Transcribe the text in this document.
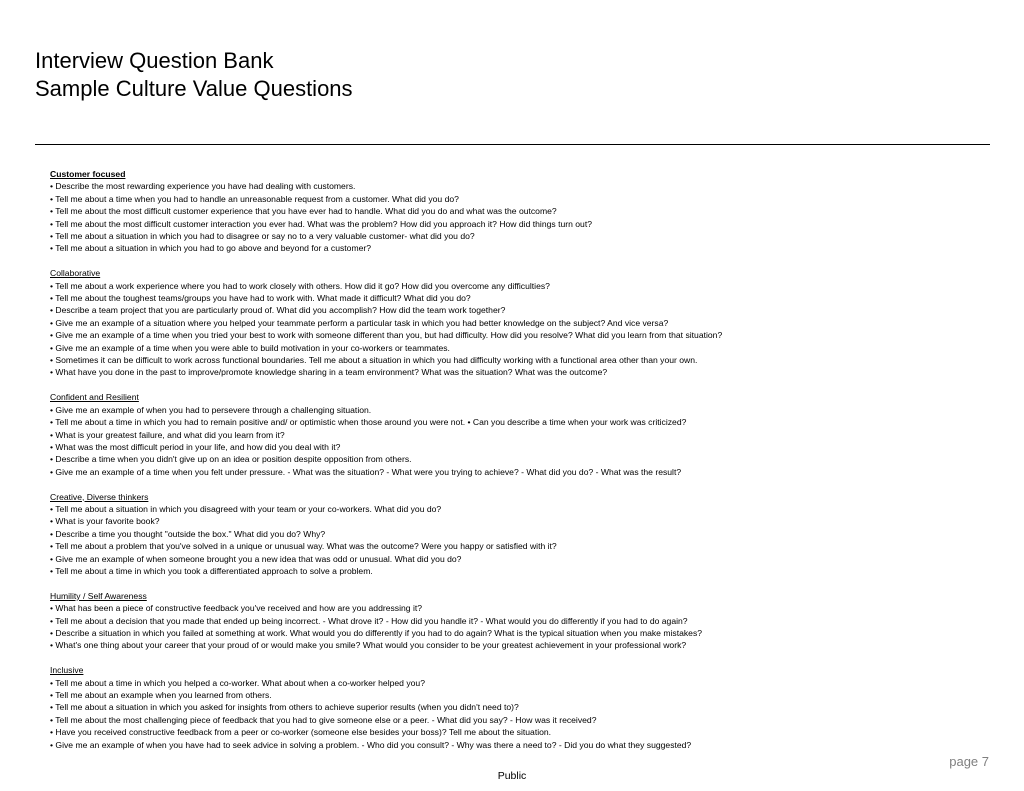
Interview Question Bank
Sample Culture Value Questions
Customer focused
• Describe the most rewarding experience you have had dealing with customers.
• Tell me about a time when you had to handle an unreasonable request from a customer. What did you do?
• Tell me about the most difficult customer experience that you have ever had to handle. What did you do and what was the outcome?
• Tell me about the most difficult customer interaction you ever had. What was the problem? How did you approach it? How did things turn out?
• Tell me about a situation in which you had to disagree or say no to a very valuable customer- what did you do?
• Tell me about a situation in which you had to go above and beyond for a customer?
Collaborative
• Tell me about a work experience where you had to work closely with others. How did it go? How did you overcome any difficulties?
• Tell me about the toughest teams/groups you have had to work with. What made it difficult? What did you do?
• Describe a team project that you are particularly proud of. What did you accomplish? How did the team work together?
• Give me an example of a situation where you helped your teammate perform a particular task in which you had better knowledge on the subject? And vice versa?
• Give me an example of a time when you tried your best to work with someone different than you, but had difficulty. How did you resolve? What did you learn from that situation?
• Give me an example of a time when you were able to build motivation in your co-workers or teammates.
• Sometimes it can be difficult to work across functional boundaries. Tell me about a situation in which you had difficulty working with a functional area other than your own.
• What have you done in the past to improve/promote knowledge sharing in a team environment? What was the situation? What was the outcome?
Confident and Resilient
• Give me an example of when you had to persevere through a challenging situation.
• Tell me about a time in which you had to remain positive and/ or optimistic when those around you were not. • Can you describe a time when your work was criticized?
• What is your greatest failure, and what did you learn from it?
• What was the most difficult period in your life, and how did you deal with it?
• Describe a time when you didn't give up on an idea or position despite opposition from others.
• Give me an example of a time when you felt under pressure. - What was the situation? - What were you trying to achieve? - What did you do? - What was the result?
Creative, Diverse thinkers
• Tell me about a situation in which you disagreed with your team or your co-workers. What did you do?
• What is your favorite book?
• Describe a time you thought "outside the box." What did you do? Why?
• Tell me about a problem that you've solved in a unique or unusual way. What was the outcome? Were you happy or satisfied with it?
• Give me an example of when someone brought you a new idea that was odd or unusual. What did you do?
• Tell me about a time in which you took a differentiated approach to solve a problem.
Humility / Self Awareness
• What has been a piece of constructive feedback you've received and how are you addressing it?
• Tell me about a decision that you made that ended up being incorrect. - What drove it? - How did you handle it? - What would you do differently if you had to do again?
• Describe a situation in which you failed at something at work. What would you do differently if you had to do again? What is the typical situation when you make mistakes?
• What's one thing about your career that your proud of or would make you smile? What would you consider to be your greatest achievement in your professional work?
Inclusive
• Tell me about a time in which you helped a co-worker. What about when a co-worker helped you?
• Tell me about an example when you learned from others.
• Tell me about a situation in which you asked for insights from others to achieve superior results (when you didn't need to)?
• Tell me about the most challenging piece of feedback that you had to give someone else or a peer. - What did you say? - How was it received?
• Have you received constructive feedback from a peer or co-worker (someone else besides your boss)? Tell me about the situation.
• Give me an example of when you have had to seek advice in solving a problem. - Who did you consult? - Why was there a need to? - Did you do what they suggested?
page 7
Public
